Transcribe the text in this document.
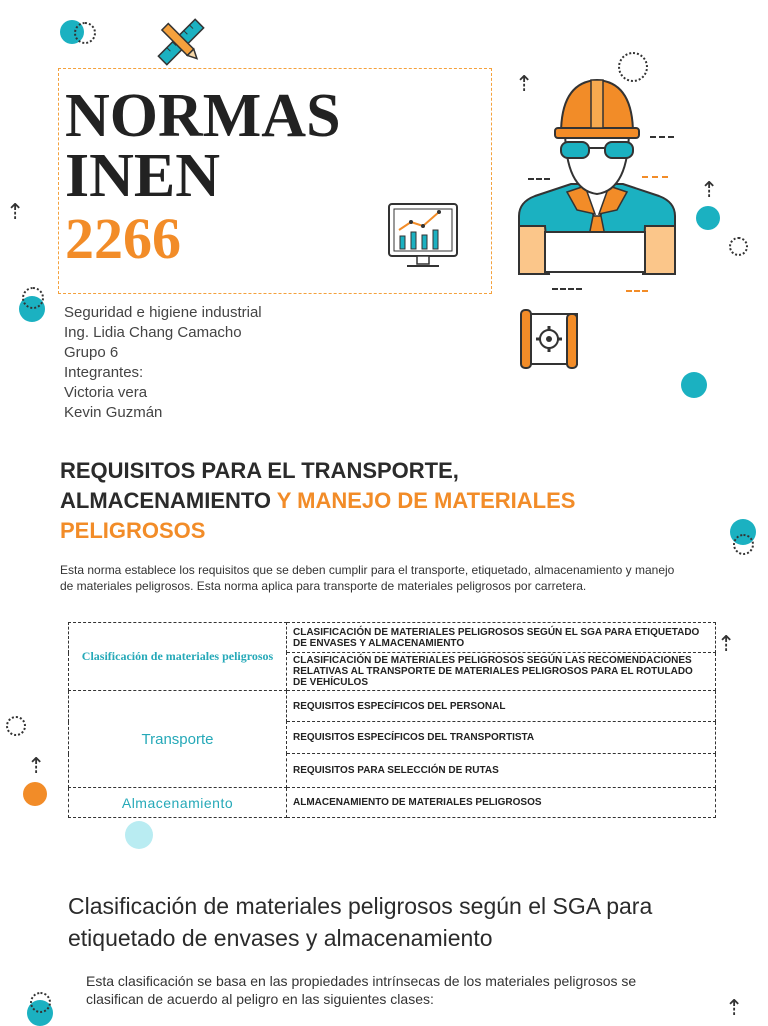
⇡
⇡
⇡
⇡
⇡
⇡
NORMAS
INEN
2266
Seguridad e higiene industrial
Ing. Lidia Chang Camacho
Grupo 6
Integrantes:
Victoria vera
Kevin Guzmán
REQUISITOS PARA EL TRANSPORTE,
ALMACENAMIENTO Y MANEJO DE MATERIALES
PELIGROSOS
Esta norma establece los requisitos que se deben cumplir para el transporte, etiquetado, almacenamiento y manejo de materiales peligrosos. Esta norma aplica para transporte de materiales peligrosos por carretera.
Clasificación de materiales peligrosos	CLASIFICACIÓN DE MATERIALES PELIGROSOS SEGÚN EL SGA PARA ETIQUETADO DE ENVASES Y ALMACENAMIENTO
	CLASIFICACIÓN DE MATERIALES PELIGROSOS SEGÚN LAS RECOMENDACIONES RELATIVAS AL TRANSPORTE DE MATERIALES PELIGROSOS PARA EL ROTULADO DE VEHÍCULOS
Transporte	REQUISITOS ESPECÍFICOS DEL PERSONAL
	REQUISITOS ESPECÍFICOS DEL TRANSPORTISTA
	REQUISITOS PARA SELECCIÓN DE RUTAS
Almacenamiento	ALMACENAMIENTO DE MATERIALES PELIGROSOS
Clasificación de materiales peligrosos según el SGA para etiquetado de envases y almacenamiento
Esta clasificación se basa en las propiedades intrínsecas de los materiales peligrosos se clasifican de acuerdo al peligro en las siguientes clases:
